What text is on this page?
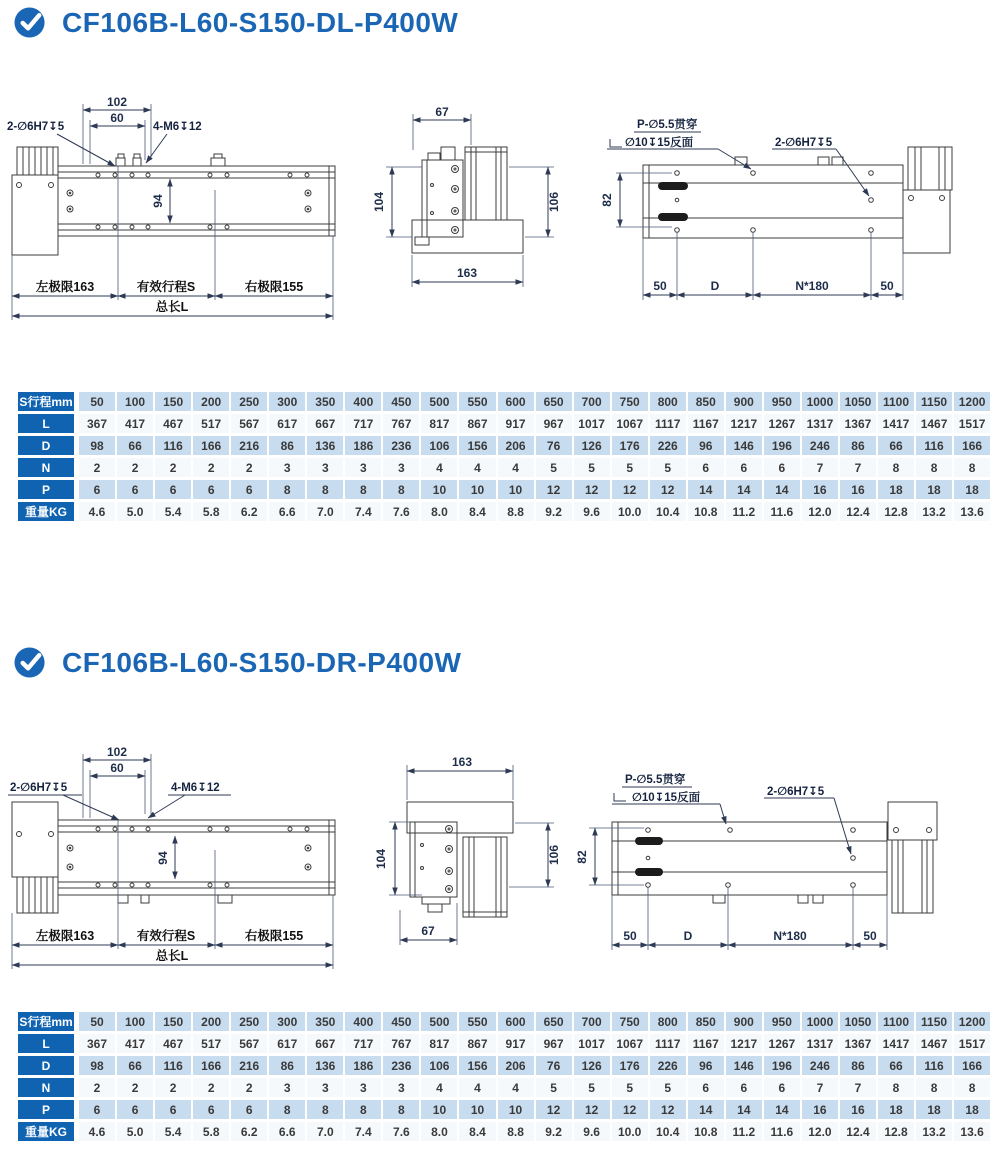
CF106B-L60-S150-DL-P400W
102
60
2-∅6H7↧5	4-M6↧12
94
左极限163	有效行程S	右极限155
总长L
67
104	106
163
P-∅5.5贯穿
∅10↧15反面	2-∅6H7↧5
82
50	D	N*180	50
S行程mm	50	100	150	200	250	300	350	400	450	500	550	600	650	700	750	800	850	900	950	1000 1050 1100	1150 1200
L	367	417	467	517	567	617	667	717	767	817	867	917	967	1017 1067	1117	1167 1217 1267 1317 1367 1417 1467 1517
D	98	66	116	166	216	86	136	186	236	106	156	206	76	126	176	226	96	146	196	246	86	66	116	166
N	2	2	2	2	2	3	3	3	3	4	4	4	5	5	5	5	6	6	6	7	7	8	8	8
P	6	6	6	6	6	8	8	8	8	10	10	10	12	12	12	12	14	14	14	16	16	18	18	18
重量KG	4.6	5.0	5.4	5.8	6.2	6.6	7.0	7.4	7.6	8.0	8.4	8.8	9.2	9.6	10.0	10.4	10.8	11.2	11.6	12.0	12.4	12.8	13.2	13.6
CF106B-L60-S150-DR-P400W
102
60
2-∅6H7↧5	4-M6↧12
94
左极限163	有效行程S	右极限155
总长L
163
104	106
67
P-∅5.5贯穿
∅10↧15反面	2-∅6H7↧5
82
50	D	N*180	50
S行程mm	50	100	150	200	250	300	350	400	450	500	550	600	650	700	750	800	850	900	950	1000 1050 1100	1150 1200
L	367	417	467	517	567	617	667	717	767	817	867	917	967	1017 1067	1117	1167 1217 1267 1317 1367 1417 1467 1517
D	98	66	116	166	216	86	136	186	236	106	156	206	76	126	176	226	96	146	196	246	86	66	116	166
N	2	2	2	2	2	3	3	3	3	4	4	4	5	5	5	5	6	6	6	7	7	8	8	8
P	6	6	6	6	6	8	8	8	8	10	10	10	12	12	12	12	14	14	14	16	16	18	18	18
重量KG	4.6	5.0	5.4	5.8	6.2	6.6	7.0	7.4	7.6	8.0	8.4	8.8	9.2	9.6	10.0	10.4	10.8	11.2	11.6	12.0	12.4	12.8	13.2	13.6
